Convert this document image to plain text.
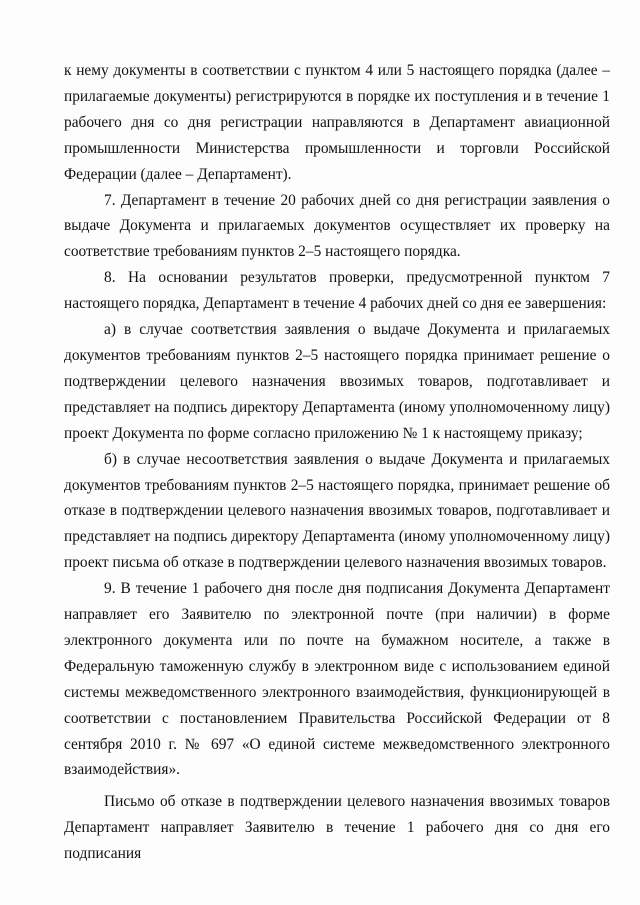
к нему документы в соответствии с пунктом 4 или 5 настоящего порядка (далее – прилагаемые документы) регистрируются в порядке их поступления и в течение 1 рабочего дня со дня регистрации направляются в Департамент авиационной промышленности Министерства промышленности и торговли Российской Федерации (далее – Департамент).

7. Департамент в течение 20 рабочих дней со дня регистрации заявления о выдаче Документа и прилагаемых документов осуществляет их проверку на соответствие требованиям пунктов 2–5 настоящего порядка.

8. На основании результатов проверки, предусмотренной пунктом 7 настоящего порядка, Департамент в течение 4 рабочих дней со дня ее завершения:

а) в случае соответствия заявления о выдаче Документа и прилагаемых документов требованиям пунктов 2–5 настоящего порядка принимает решение о подтверждении целевого назначения ввозимых товаров, подготавливает и представляет на подпись директору Департамента (иному уполномоченному лицу) проект Документа по форме согласно приложению № 1 к настоящему приказу;

б) в случае несоответствия заявления о выдаче Документа и прилагаемых документов требованиям пунктов 2–5 настоящего порядка, принимает решение об отказе в подтверждении целевого назначения ввозимых товаров, подготавливает и представляет на подпись директору Департамента (иному уполномоченному лицу) проект письма об отказе в подтверждении целевого назначения ввозимых товаров.

9. В течение 1 рабочего дня после дня подписания Документа Департамент направляет его Заявителю по электронной почте (при наличии) в форме электронного документа или по почте на бумажном носителе, а также в Федеральную таможенную службу в электронном виде с использованием единой системы межведомственного электронного взаимодействия, функционирующей в соответствии с постановлением Правительства Российской Федерации от 8 сентября 2010 г. № 697 «О единой системе межведомственного электронного взаимодействия».

Письмо об отказе в подтверждении целевого назначения ввозимых товаров Департамент направляет Заявителю в течение 1 рабочего дня со дня его подписания
